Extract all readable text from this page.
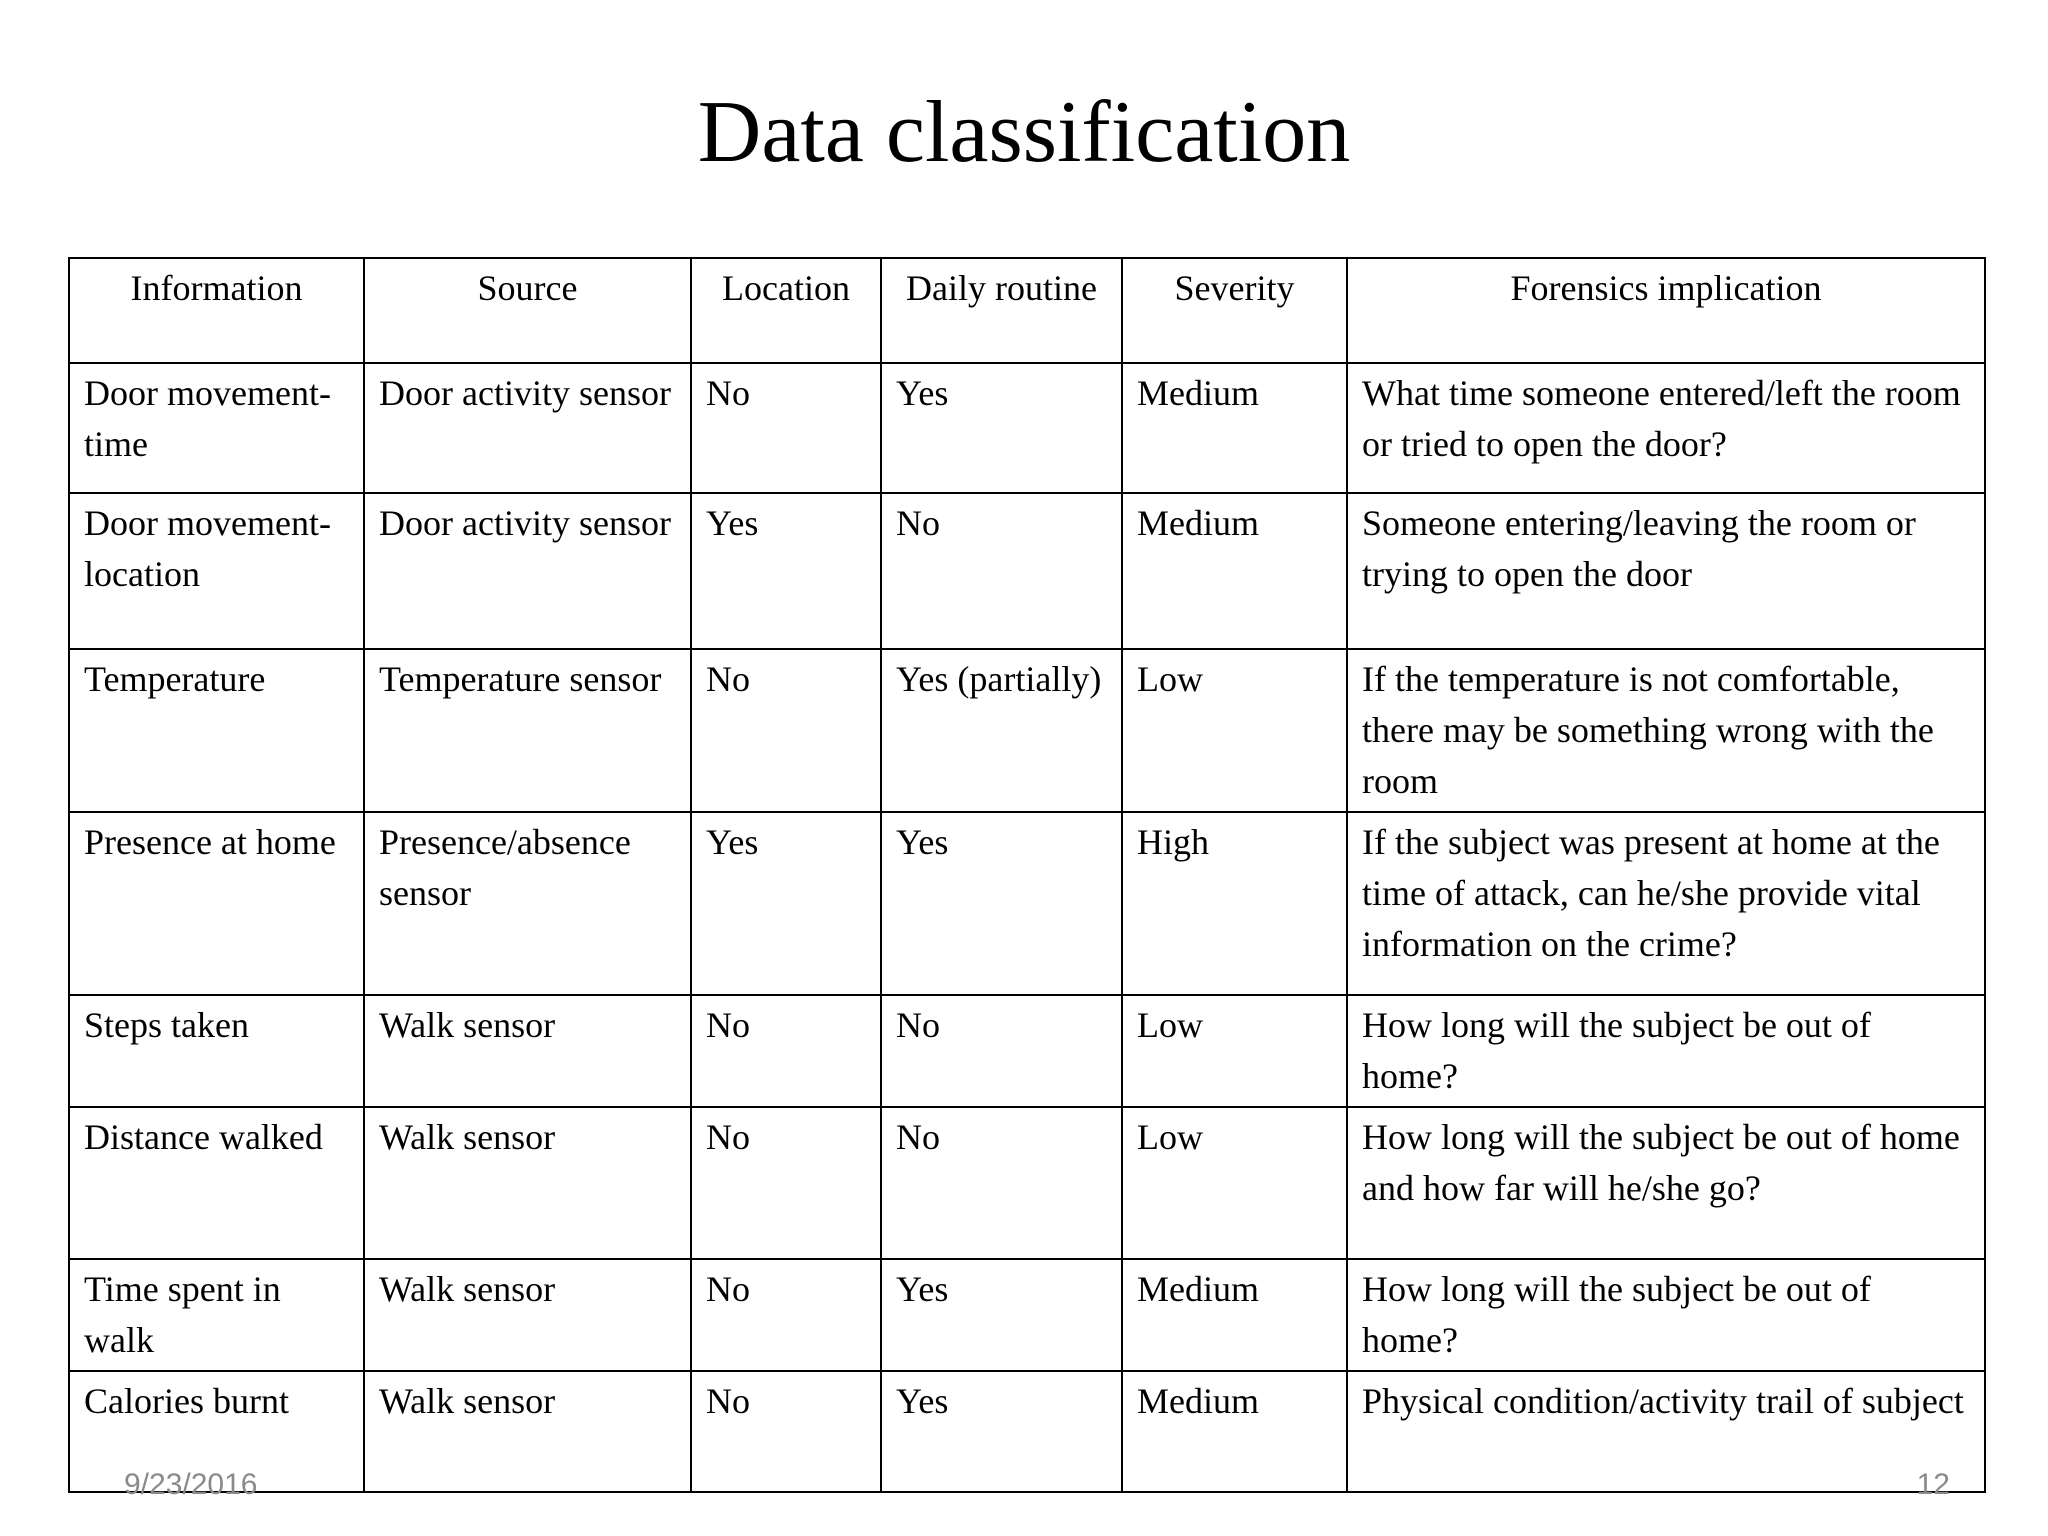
Data classification
Information	Source	Location	Daily routine	Severity	Forensics implication
Door movement-time	Door activity sensor	No	Yes	Medium	What time someone entered/left the room or tried to open the door?
Door movement-location	Door activity sensor	Yes	No	Medium	Someone entering/leaving the room or trying to open the door
Temperature	Temperature sensor	No	Yes (partially)	Low	If the temperature is not comfortable, there may be something wrong with the room
Presence at home	Presence/absence sensor	Yes	Yes	High	If the subject was present at home at the time of attack, can he/she provide vital information on the crime?
Steps taken	Walk sensor	No	No	Low	How long will the subject be out of home?
Distance walked	Walk sensor	No	No	Low	How long will the subject be out of home and how far will he/she go?
Time spent in walk	Walk sensor	No	Yes	Medium	How long will the subject be out of home?
Calories burnt	Walk sensor	No	Yes	Medium	Physical condition/activity trail of subject
9/23/2016	12
